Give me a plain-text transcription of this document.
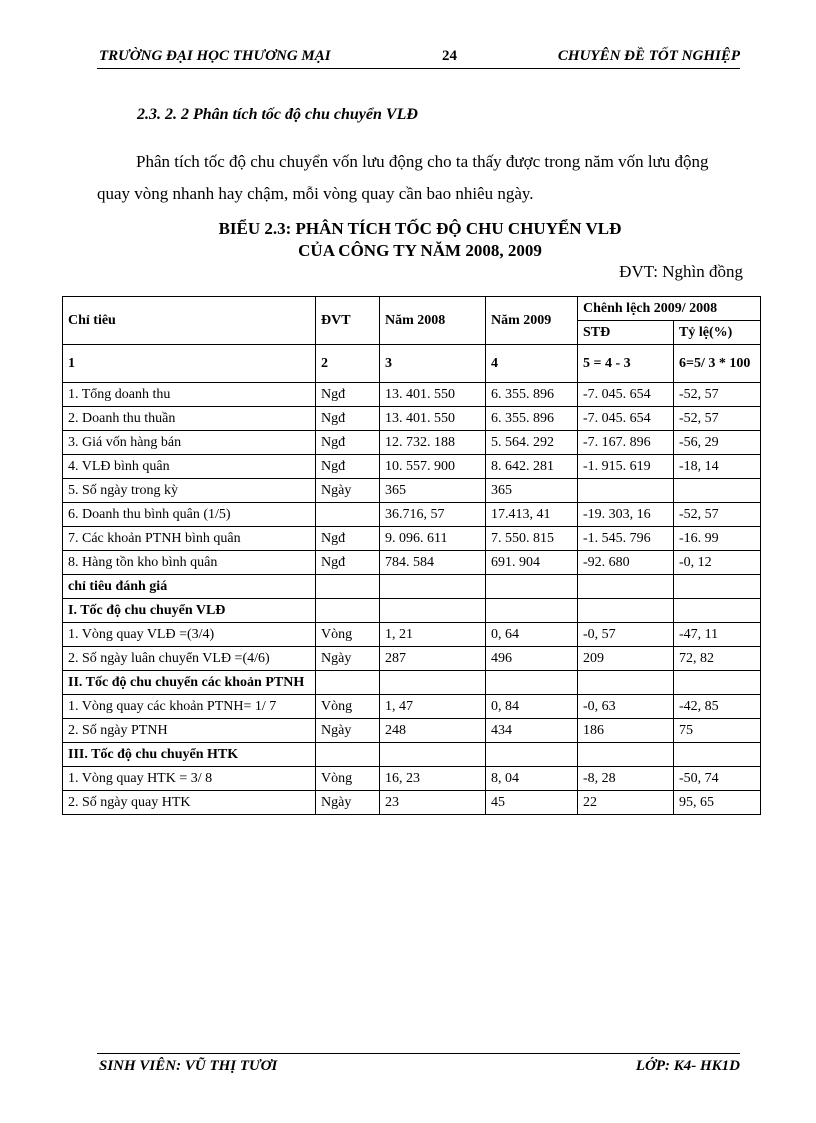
TRƯỜNG ĐẠI HỌC THƯƠNG MẠI	24	CHUYÊN ĐỀ TỐT NGHIỆP
2.3. 2. 2 Phân tích tốc độ chu chuyển VLĐ
Phân tích tốc độ chu chuyển vốn lưu động cho ta thấy được trong năm vốn lưu động quay vòng nhanh hay chậm, mỗi vòng quay cần bao nhiêu ngày.
BIỂU 2.3: PHÂN TÍCH TỐC ĐỘ CHU CHUYỂN VLĐ
CỦA CÔNG TY NĂM 2008, 2009
ĐVT: Nghìn đồng
Chỉ tiêu	ĐVT	Năm 2008	Năm 2009	Chênh lệch 2009/ 2008	
				STĐ	Tỷ lệ(%)
1	2	3	4	5 = 4 - 3	6=5/ 3 * 100
1. Tổng doanh thu	Ngđ	13. 401. 550	6. 355. 896	-7. 045. 654	-52, 57
2. Doanh thu thuần	Ngđ	13. 401. 550	6. 355. 896	-7. 045. 654	-52, 57
3. Giá vốn hàng bán	Ngđ	12. 732. 188	5. 564. 292	-7. 167. 896	-56, 29
4. VLĐ bình quân	Ngđ	10. 557. 900	8. 642. 281	-1. 915. 619	-18, 14
5. Số ngày trong kỳ	Ngày	365	365		
6. Doanh thu bình quân (1/5)		36.716, 57	17.413, 41	-19. 303, 16	-52, 57
7. Các khoản PTNH bình quân	Ngđ	9. 096. 611	7. 550. 815	-1. 545. 796	-16. 99
8. Hàng tồn kho bình quân	Ngđ	784. 584	691. 904	-92. 680	-0, 12
chỉ tiêu đánh giá					
I. Tốc độ chu chuyển VLĐ					
1. Vòng quay VLĐ =(3/4)	Vòng	1, 21	0, 64	-0, 57	-47, 11
2. Số ngày luân chuyển VLĐ =(4/6)	Ngày	287	496	209	72, 82
II. Tốc độ chu chuyển các khoản PTNH					
1. Vòng quay các khoản PTNH= 1/ 7	Vòng	1, 47	0, 84	-0, 63	-42, 85
2. Số ngày PTNH	Ngày	248	434	186	75
III. Tốc độ chu chuyển HTK					
1. Vòng quay HTK = 3/ 8	Vòng	16, 23	8, 04	-8, 28	-50, 74
2. Số ngày quay HTK	Ngày	23	45	22	95, 65
SINH VIÊN: VŨ THỊ TƯƠI	LỚP: K4- HK1D
